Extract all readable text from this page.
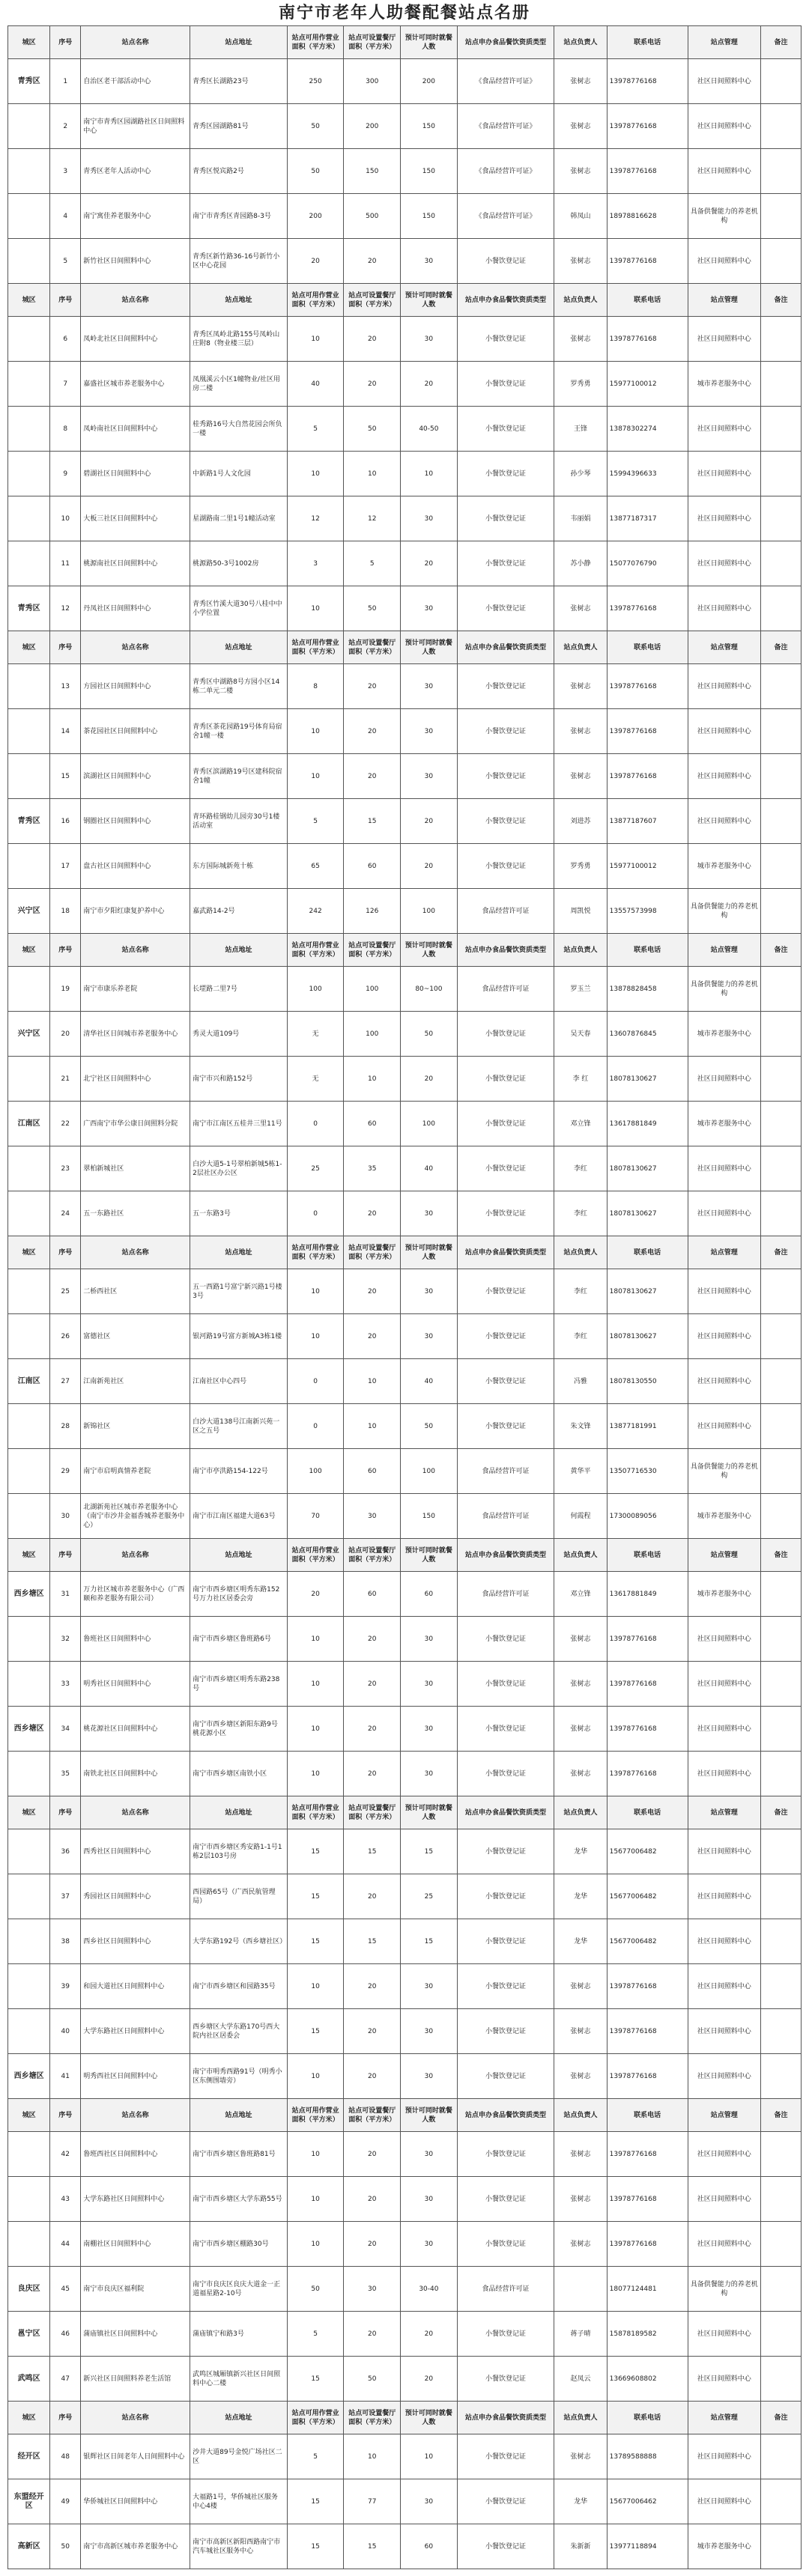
南宁市老年人助餐配餐站点名册
城区	序号	站点名称	站点地址	站点可用作营业面积（平方米）	站点可设置餐厅面积（平方米）	预计可同时就餐人数	站点申办食品餐饮资质类型	站点负责人	联系电话	站点管理	备注
青秀区	1	自治区老干部活动中心	青秀区长湖路23号	250	300	200	《食品经营许可证》	张树志	13978776168	社区日间照料中心	
	2	南宁市青秀区园湖路社区日间照料中心	青秀区园湖路81号	50	200	150	《食品经营许可证》	张树志	13978776168	社区日间照料中心	
	3	青秀区老年人活动中心	青秀区悦宾路2号	50	150	150	《食品经营许可证》	张树志	13978776168	社区日间照料中心	
	4	南宁寓佳养老服务中心	南宁市青秀区青园路8-3号	200	500	150	《食品经营许可证》	韩凤山	18978816628	具备供餐能力的养老机构	
	5	新竹社区日间照料中心	青秀区新竹路36-16号新竹小区中心花园	20	20	30	小餐饮登记证	张树志	13978776168	社区日间照料中心	
城区	序号	站点名称	站点地址	站点可用作营业面积（平方米）	站点可设置餐厅面积（平方米）	预计可同时就餐人数	站点申办食品餐饮资质类型	站点负责人	联系电话	站点管理	备注
	6	凤岭北社区日间照料中心	青秀区凤岭北路155号凤岭山庄附8（物业楼三层）	10	20	30	小餐饮登记证	张树志	13978776168	社区日间照料中心	
	7	嘉盛社区城市养老服务中心	凤凰溪云小区1幢物业/社区用房二楼	40	20	20	小餐饮登记证	罗秀勇	15977100012	城市养老服务中心	
	8	凤岭南社区日间照料中心	桂秀路16号大自然花园会所负一楼	5	50	40-50	小餐饮登记证	王锋	13878302274	社区日间照料中心	
	9	碧湖社区日间照料中心	中新路1号人文化园	10	10	10	小餐饮登记证	孙少琴	15994396633	社区日间照料中心	
	10	大板三社区日间照料中心	星湖路南二里1号1幢活动室	12	12	30	小餐饮登记证	韦丽娟	13877187317	社区日间照料中心	
	11	桃源南社区日间照料中心	桃源路50-3号1002房	3	5	20	小餐饮登记证	苏小静	15077076790	社区日间照料中心	
青秀区	12	丹凤社区日间照料中心	青秀区竹溪大道30号八桂中中小学位置	10	50	30	小餐饮登记证	张树志	13978776168	社区日间照料中心	
城区	序号	站点名称	站点地址	站点可用作营业面积（平方米）	站点可设置餐厅面积（平方米）	预计可同时就餐人数	站点申办食品餐饮资质类型	站点负责人	联系电话	站点管理	备注
	13	方园社区日间照料中心	青秀区中湖路8号方园小区14栋二单元二楼	8	20	30	小餐饮登记证	张树志	13978776168	社区日间照料中心	
	14	茶花园社区日间照料中心	青秀区茶花园路19号体育局宿舍1幢一楼	10	20	30	小餐饮登记证	张树志	13978776168	社区日间照料中心	
	15	滨湖社区日间照料中心	青秀区滨湖路19号区建科院宿舍1幢	10	20	30	小餐饮登记证	张树志	13978776168	社区日间照料中心	
青秀区	16	钢圈社区日间照料中心	青环路桂钢幼儿园旁30号1楼活动室	5	15	20	小餐饮登记证	刘进苏	13877187607	社区日间照料中心	
	17	盘古社区日间照料中心	东方国际城新苑十栋	65	60	20	小餐饮登记证	罗秀勇	15977100012	城市养老服务中心	
兴宁区	18	南宁市夕阳红康复护养中心	嘉武路14-2号	242	126	100	食品经营许可证	周凯悦	13557573998	具备供餐能力的养老机构	
城区	序号	站点名称	站点地址	站点可用作营业面积（平方米）	站点可设置餐厅面积（平方米）	预计可同时就餐人数	站点申办食品餐饮资质类型	站点负责人	联系电话	站点管理	备注
	19	南宁市康乐养老院	长堽路二里7号	100	100	80~100	食品经营许可证	罗玉兰	13878828458	具备供餐能力的养老机构	
兴宁区	20	清华社区日间城市养老服务中心	秀灵大道109号	无	100	50	小餐饮登记证	吴天春	13607876845	城市养老服务中心	
	21	北宁社区日间照料中心	南宁市兴和路152号	无	10	20	小餐饮登记证	李 红	18078130627	社区日间照料中心	
江南区	22	广西南宁市华公康日间照料分院	南宁市江南区五桂井三里11号	0	60	100	小餐饮登记证	邓立锋	13617881849	城市养老服务中心	
	23	翠柏新城社区	白沙大道5-1号翠柏新城5栋1-2层社区办公区	25	35	40	小餐饮登记证	李红	18078130627	社区日间照料中心	
	24	五一东路社区	五一东路3号	0	20	30	小餐饮登记证	李红	18078130627	社区日间照料中心	
城区	序号	站点名称	站点地址	站点可用作营业面积（平方米）	站点可设置餐厅面积（平方米）	预计可同时就餐人数	站点申办食品餐饮资质类型	站点负责人	联系电话	站点管理	备注
	25	二桥西社区	五一西路1号富宁新兴路1号楼3号	10	20	30	小餐饮登记证	李红	18078130627	社区日间照料中心	
	26	富德社区	银河路19号富方新城A3栋1楼	10	20	30	小餐饮登记证	李红	18078130627	社区日间照料中心	
江南区	27	江南新苑社区	江南社区中心四号	0	10	40	小餐饮登记证	冯雅	18078130550	社区日间照料中心	
	28	新锦社区	白沙大道138号江南新兴苑一区之五号	0	10	50	小餐饮登记证	朱文锋	13877181991	社区日间照料中心	
	29	南宁市启明真情养老院	南宁市亭洪路154-122号	100	60	100	食品经营许可证	黄华平	13507716530	具备供餐能力的养老机构	
	30	北湖新苑社区城市养老服务中心（南宁市沙井金福香城养老服务中心）	南宁市江南区福建大道63号	70	30	150	食品经营许可证	何霞程	17300089056	城市养老服务中心	
城区	序号	站点名称	站点地址	站点可用作营业面积（平方米）	站点可设置餐厅面积（平方米）	预计可同时就餐人数	站点申办食品餐饮资质类型	站点负责人	联系电话	站点管理	备注
西乡塘区	31	万力社区城市养老服务中心（广西颐和养老服务有限公司）	南宁市西乡塘区明秀东路152号万力社区居委会旁	20	60	60	食品经营许可证	邓立锋	13617881849	城市养老服务中心	
	32	鲁班社区日间照料中心	南宁市西乡塘区鲁班路6号	10	20	30	小餐饮登记证	张树志	13978776168	社区日间照料中心	
	33	明秀社区日间照料中心	南宁市西乡塘区明秀东路238号	10	20	30	小餐饮登记证	张树志	13978776168	社区日间照料中心	
西乡塘区	34	桃花源社区日间照料中心	南宁市西乡塘区新阳东路9号桃花源小区	10	20	30	小餐饮登记证	张树志	13978776168	社区日间照料中心	
	35	南铁北社区日间照料中心	南宁市西乡塘区南铁小区	10	20	30	小餐饮登记证	张树志	13978776168	社区日间照料中心	
城区	序号	站点名称	站点地址	站点可用作营业面积（平方米）	站点可设置餐厅面积（平方米）	预计可同时就餐人数	站点申办食品餐饮资质类型	站点负责人	联系电话	站点管理	备注
	36	西秀社区日间照料中心	南宁市西乡塘区秀安路1-1号1栋2层103号房	15	15	15	小餐饮登记证	龙华	15677006482	社区日间照料中心	
	37	秀园社区日间照料中心	西园路65号（广西民航管理局）	15	20	25	小餐饮登记证	龙华	15677006482	社区日间照料中心	
	38	西乡社区日间照料中心	大学东路192号（西乡塘社区）	15	15	15	小餐饮登记证	龙华	15677006482	社区日间照料中心	
	39	和园大道社区日间照料中心	南宁市西乡塘区和园路35号	10	20	30	小餐饮登记证	张树志	13978776168	社区日间照料中心	
	40	大学东路社区日间照料中心	西乡塘区大学东路170号西大院内社区居委会	15	20	30	小餐饮登记证	张树志	13978776168	社区日间照料中心	
西乡塘区	41	明秀西社区日间照料中心	南宁市明秀西路91号（明秀小区东侧围墙旁）	10	20	30	小餐饮登记证	张树志	13978776168	社区日间照料中心	
城区	序号	站点名称	站点地址	站点可用作营业面积（平方米）	站点可设置餐厅面积（平方米）	预计可同时就餐人数	站点申办食品餐饮资质类型	站点负责人	联系电话	站点管理	备注
	42	鲁班西社区日间照料中心	南宁市西乡塘区鲁班路81号	10	20	30	小餐饮登记证	张树志	13978776168	社区日间照料中心	
	43	大学东路社区日间照料中心	南宁市西乡塘区大学东路55号	10	20	30	小餐饮登记证	张树志	13978776168	社区日间照料中心	
	44	南棚社区日间照料中心	南宁市西乡塘区棚路30号	10	20	30	小餐饮登记证	张树志	13978776168	社区日间照料中心	
良庆区	45	南宁市良庆区福利院	南宁市良庆区良庆大道金一正道福星路2-10号	50	30	30-40	食品经营许可证		18077124481	具备供餐能力的养老机构	
邕宁区	46	蒲庙镇社区日间照料中心	蒲庙镇宁和路3号	5	20	20	小餐饮登记证	蒋子晴	15878189582	社区日间照料中心	
武鸣区	47	新兴社区日间照料养老生活馆	武鸣区城厢镇新兴社区日间照料中心二楼	15	50	20	小餐饮登记证	赵凤云	13669608802	社区日间照料中心	
城区	序号	站点名称	站点地址	站点可用作营业面积（平方米）	站点可设置餐厅面积（平方米）	预计可同时就餐人数	站点申办食品餐饮资质类型	站点负责人	联系电话	站点管理	备注
经开区	48	银辉社区日间老年人日间照料中心	沙井大道89号金悦广场社区二区	5	10	10	小餐饮登记证	张树志	13789588888	社区日间照料中心	
东盟经开区	49	华侨城社区日间照料中心	大福路1号，华侨城社区服务中心4楼	15	77	30	小餐饮登记证	龙华	15677006462	社区日间照料中心	
高新区	50	南宁市高新区城市养老服务中心	南宁市高新区新阳西路南宁市汽车城社区服务中心	15	15	60	小餐饮登记证	朱新新	13977118894	城市养老服务中心	
